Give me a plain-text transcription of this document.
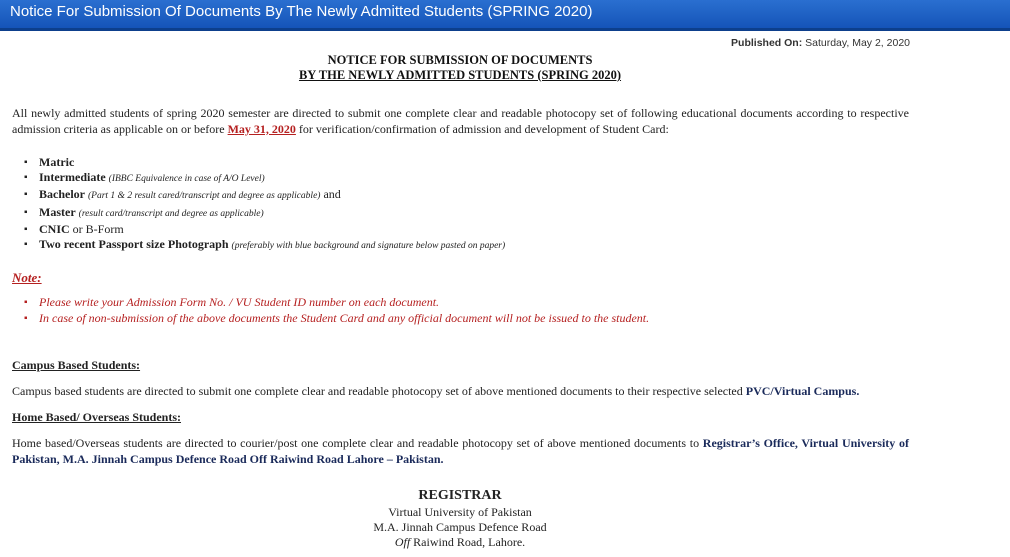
Notice For Submission Of Documents By The Newly Admitted Students (SPRING 2020)
Published On: Saturday, May 2, 2020
NOTICE FOR SUBMISSION OF DOCUMENTS
BY THE NEWLY ADMITTED STUDENTS (SPRING 2020)
All newly admitted students of spring 2020 semester are directed to submit one complete clear and readable photocopy set of following educational documents according to respective admission criteria as applicable on or before May 31, 2020 for verification/confirmation of admission and development of Student Card:
▪ Matric
▪ Intermediate (IBBC Equivalence in case of A/O Level)
▪ Bachelor (Part 1 & 2 result cared/transcript and degree as applicable) and
▪ Master (result card/transcript and degree as applicable)
▪ CNIC or B-Form
▪ Two recent Passport size Photograph (preferably with blue background and signature below pasted on paper)
Note:
▪ Please write your Admission Form No. / VU Student ID number on each document.
▪ In case of non-submission of the above documents the Student Card and any official document will not be issued to the student.
Campus Based Students:
Campus based students are directed to submit one complete clear and readable photocopy set of above mentioned documents to their respective selected PVC/Virtual Campus.
Home Based/ Overseas Students:
Home based/Overseas students are directed to courier/post one complete clear and readable photocopy set of above mentioned documents to Registrar’s Office, Virtual University of Pakistan, M.A. Jinnah Campus Defence Road Off Raiwind Road Lahore – Pakistan.
REGISTRAR
Virtual University of Pakistan
M.A. Jinnah Campus Defence Road
Off Raiwind Road, Lahore.
